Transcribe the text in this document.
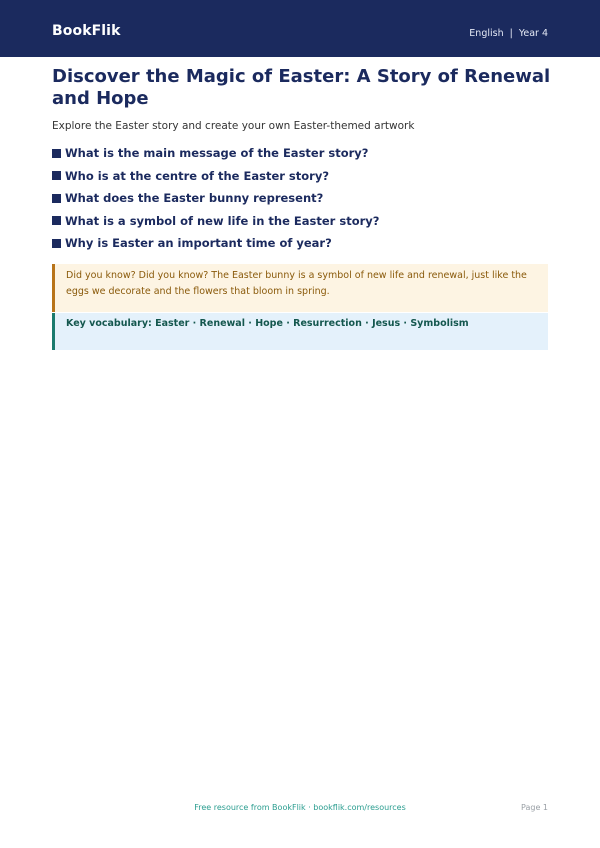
BookFlik	English | Year 4
Discover the Magic of Easter: A Story of Renewal and Hope

Explore the Easter story and create your own Easter-themed artwork

What is the main message of the Easter story?
Who is at the centre of the Easter story?
What does the Easter bunny represent?
What is a symbol of new life in the Easter story?
Why is Easter an important time of year?
Did you know? Did you know? The Easter bunny is a symbol of new life and renewal, just like the eggs we decorate and the flowers that bloom in spring.
Key vocabulary: Easter · Renewal · Hope · Resurrection · Jesus · Symbolism
Free resource from BookFlik · bookflik.com/resources	Page 1
